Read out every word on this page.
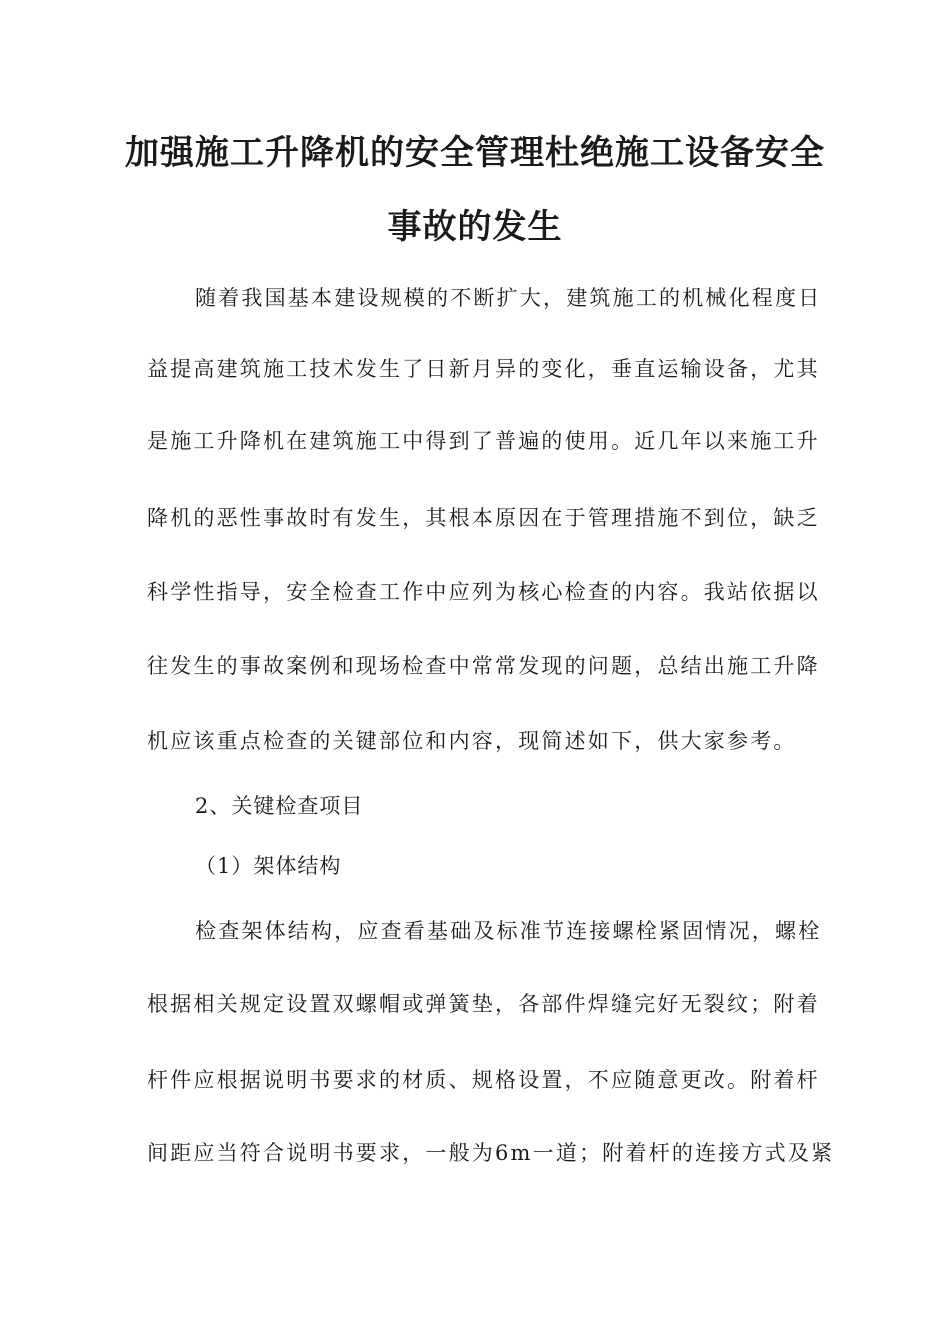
加强施工升降机的安全管理杜绝施工设备安全
事故的发生
随着我国基本建设规模的不断扩大，建筑施工的机械化程度日
益提高建筑施工技术发生了日新月异的变化，垂直运输设备，尤其
是施工升降机在建筑施工中得到了普遍的使用。近几年以来施工升
降机的恶性事故时有发生，其根本原因在于管理措施不到位，缺乏
科学性指导，安全检查工作中应列为核心检查的内容。我站依据以
往发生的事故案例和现场检查中常常发现的问题，总结出施工升降
机应该重点检查的关键部位和内容，现简述如下，供大家参考。
2、关键检查项目
（1）架体结构
检查架体结构，应查看基础及标准节连接螺栓紧固情况，螺栓
根据相关规定设置双螺帽或弹簧垫，各部件焊缝完好无裂纹；附着
杆件应根据说明书要求的材质、规格设置，不应随意更改。附着杆
间距应当符合说明书要求，一般为6m一道；附着杆的连接方式及紧
